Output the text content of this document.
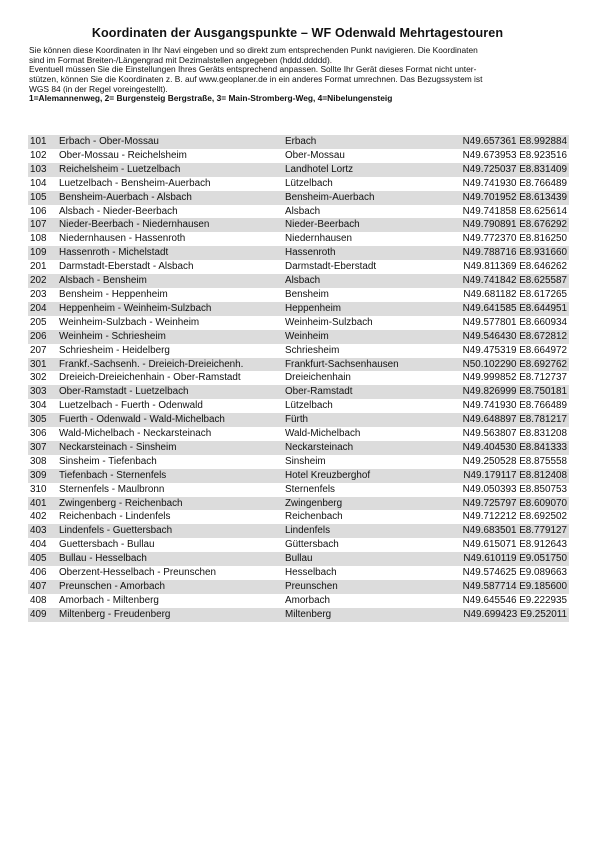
Koordinaten der Ausgangspunkte – WF Odenwald Mehrtagestouren
Sie können diese Koordinaten in Ihr Navi eingeben und so direkt zum entsprechenden Punkt navigieren. Die Koordinaten
sind im Format Breiten-/Längengrad mit Dezimalstellen angegeben (hddd.ddddd).
Eventuell müssen Sie die Einstellungen Ihres Geräts entsprechend anpassen. Sollte Ihr Gerät dieses Format nicht unter-
stützen, können Sie die Koordinaten z. B. auf www.geoplaner.de in ein anderes Format umrechnen. Das Bezugssystem ist
WGS 84 (in der Regel voreingestellt).
1=Alemannenweg, 2= Burgensteig Bergstraße, 3= Main-Stromberg-Weg, 4=Nibelungensteig
101	Erbach - Ober-Mossau	Erbach	N49.657361 E8.992884
102	Ober-Mossau - Reichelsheim	Ober-Mossau	N49.673953 E8.923516
103	Reichelsheim - Luetzelbach	Landhotel Lortz	N49.725037 E8.831409
104	Luetzelbach - Bensheim-Auerbach	Lützelbach	N49.741930 E8.766489
105	Bensheim-Auerbach - Alsbach	Bensheim-Auerbach	N49.701952 E8.613439
106	Alsbach - Nieder-Beerbach	Alsbach	N49.741858 E8.625614
107	Nieder-Beerbach - Niedernhausen	Nieder-Beerbach	N49.790891 E8.676292
108	Niedernhausen - Hassenroth	Niedernhausen	N49.772370 E8.816250
109	Hassenroth - Michelstadt	Hassenroth	N49.788716 E8.931660
201	Darmstadt-Eberstadt - Alsbach	Darmstadt-Eberstadt	N49.811369 E8.646262
202	Alsbach - Bensheim	Alsbach	N49.741842 E8.625587
203	Bensheim - Heppenheim	Bensheim	N49.681182 E8.617265
204	Heppenheim - Weinheim-Sulzbach	Heppenheim	N49.641585 E8.644951
205	Weinheim-Sulzbach - Weinheim	Weinheim-Sulzbach	N49.577801 E8.660934
206	Weinheim - Schriesheim	Weinheim	N49.546430 E8.672812
207	Schriesheim - Heidelberg	Schriesheim	N49.475319 E8.664972
301	Frankf.-Sachsenh. - Dreieich-Dreieichenh.	Frankfurt-Sachsenhausen	N50.102290 E8.692762
302	Dreieich-Dreieichenhain - Ober-Ramstadt	Dreieichenhain	N49.999852 E8.712737
303	Ober-Ramstadt - Luetzelbach	Ober-Ramstadt	N49.826999 E8.750181
304	Luetzelbach - Fuerth - Odenwald	Lützelbach	N49.741930 E8.766489
305	Fuerth - Odenwald - Wald-Michelbach	Fürth	N49.648897 E8.781217
306	Wald-Michelbach - Neckarsteinach	Wald-Michelbach	N49.563807 E8.831208
307	Neckarsteinach - Sinsheim	Neckarsteinach	N49.404530 E8.841333
308	Sinsheim - Tiefenbach	Sinsheim	N49.250528 E8.875558
309	Tiefenbach - Sternenfels	Hotel Kreuzberghof	N49.179117 E8.812408
310	Sternenfels - Maulbronn	Sternenfels	N49.050393 E8.850753
401	Zwingenberg - Reichenbach	Zwingenberg	N49.725797 E8.609070
402	Reichenbach - Lindenfels	Reichenbach	N49.712212 E8.692502
403	Lindenfels - Guettersbach	Lindenfels	N49.683501 E8.779127
404	Guettersbach - Bullau	Güttersbach	N49.615071 E8.912643
405	Bullau - Hesselbach	Bullau	N49.610119 E9.051750
406	Oberzent-Hesselbach - Preunschen	Hesselbach	N49.574625 E9.089663
407	Preunschen - Amorbach	Preunschen	N49.587714 E9.185600
408	Amorbach - Miltenberg	Amorbach	N49.645546 E9.222935
409	Miltenberg - Freudenberg	Miltenberg	N49.699423 E9.252011
